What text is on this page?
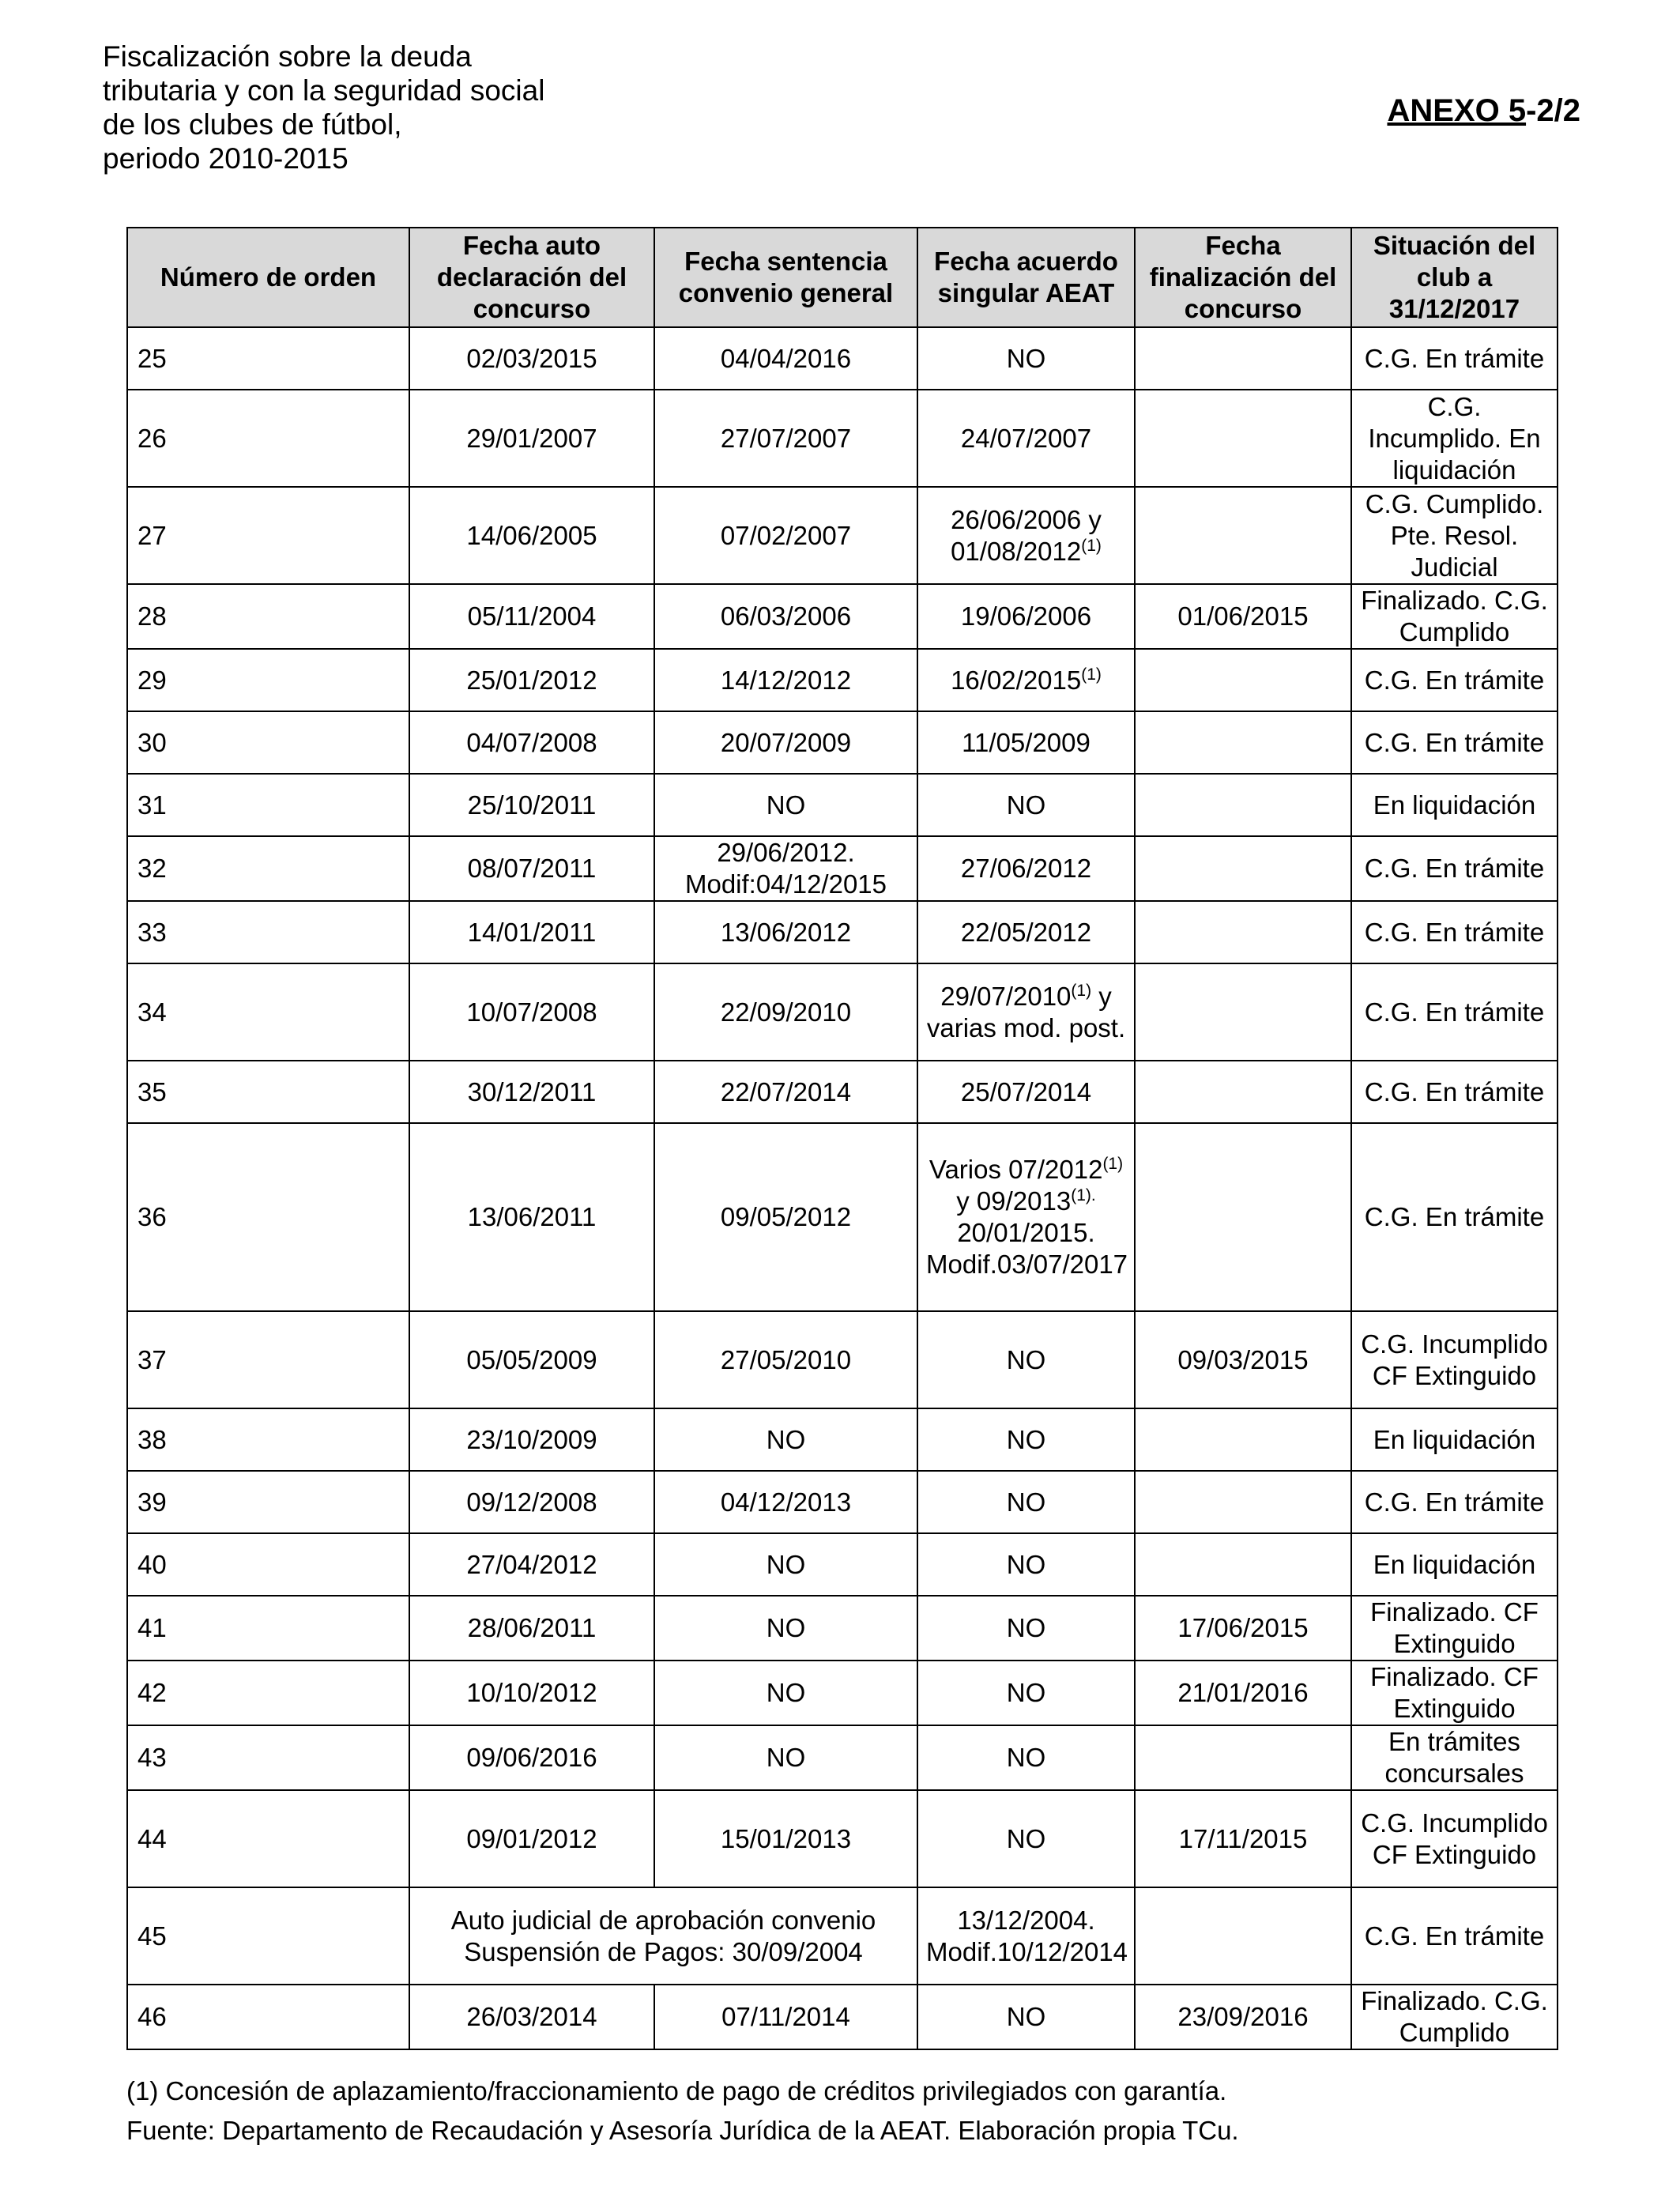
Fiscalización sobre la deuda
tributaria y con la seguridad social
de los clubes de fútbol,
periodo 2010-2015
ANEXO 5-2/2
Número de orden	Fecha auto declaración del concurso	Fecha sentencia convenio general	Fecha acuerdo singular AEAT	Fecha finalización del concurso	Situación del club a 31/12/2017
25	02/03/2015	04/04/2016	NO		C.G. En trámite
26	29/01/2007	27/07/2007	24/07/2007		C.G. Incumplido. En liquidación
27	14/06/2005	07/02/2007	26/06/2006 y 01/08/2012$^{(1)}$		C.G. Cumplido. Pte. Resol. Judicial
28	05/11/2004	06/03/2006	19/06/2006	01/06/2015	Finalizado. C.G. Cumplido
29	25/01/2012	14/12/2012	16/02/2015$^{(1)}$		C.G. En trámite
30	04/07/2008	20/07/2009	11/05/2009		C.G. En trámite
31	25/10/2011	NO	NO		En liquidación
32	08/07/2011	29/06/2012. Modif:04/12/2015	27/06/2012		C.G. En trámite
33	14/01/2011	13/06/2012	22/05/2012		C.G. En trámite
34	10/07/2008	22/09/2010	29/07/2010$^{(1)}$ y varias mod. post.		C.G. En trámite
35	30/12/2011	22/07/2014	25/07/2014		C.G. En trámite
36	13/06/2011	09/05/2012	Varios 07/2012$^{(1)}$ y $09/2013^{(1).}$ 20/01/2015. Modif.03/07/2017		C.G. En trámite
37	05/05/2009	27/05/2010	NO	09/03/2015	C.G. Incumplido CF Extinguido
38	23/10/2009	NO	NO		En liquidación
39	09/12/2008	04/12/2013	NO		C.G. En trámite
40	27/04/2012	NO	NO		En liquidación
41	28/06/2011	NO	NO	17/06/2015	Finalizado. CF Extinguido
42	10/10/2012	NO	NO	21/01/2016	Finalizado. CF Extinguido
43	09/06/2016	NO	NO		En trámites concursales
44	09/01/2012	15/01/2013	NO	17/11/2015	C.G. Incumplido CF Extinguido
45	Auto judicial de aprobación convenio Suspensión de Pagos: 30/09/2004		13/12/2004. Modif.10/12/2014		C.G. En trámite
46	26/03/2014	07/11/2014	NO	23/09/2016	Finalizado. C.G. Cumplido
(1) Concesión de aplazamiento/fraccionamiento de pago de créditos privilegiados con garantía.
Fuente: Departamento de Recaudación y Asesoría Jurídica de la AEAT. Elaboración propia TCu.
